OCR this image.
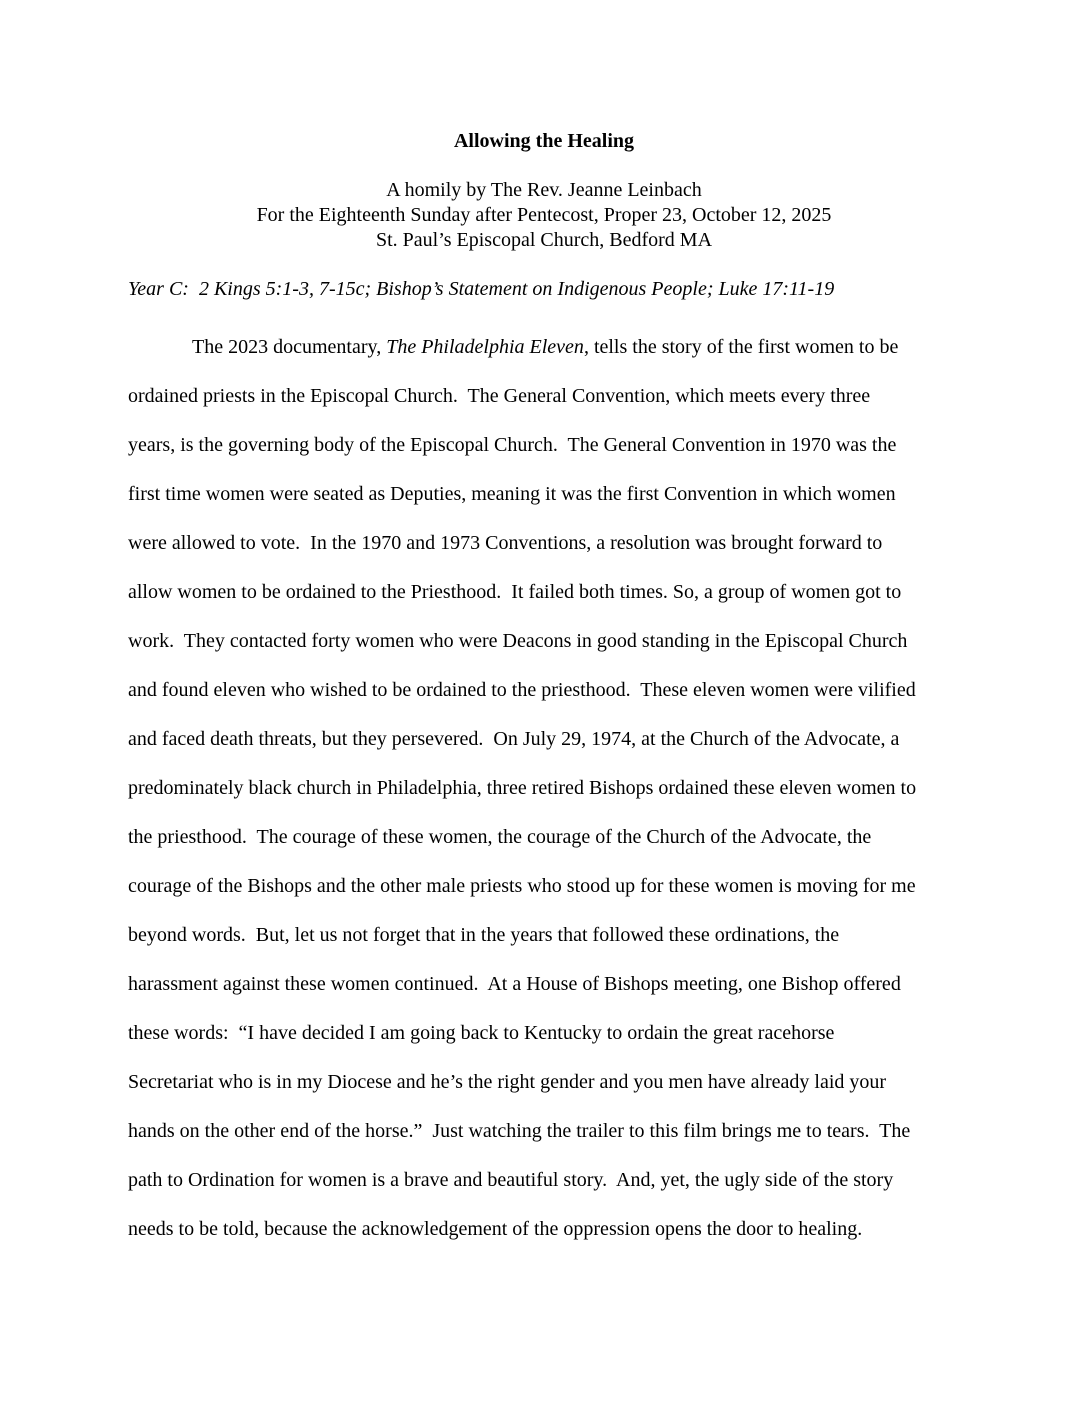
Allowing the Healing
A homily by The Rev. Jeanne Leinbach
For the Eighteenth Sunday after Pentecost, Proper 23, October 12, 2025
St. Paul’s Episcopal Church, Bedford MA
Year C:  2 Kings 5:1-3, 7-15c; Bishop’s Statement on Indigenous People; Luke 17:11-19
The 2023 documentary, The Philadelphia Eleven, tells the story of the first women to be
ordained priests in the Episcopal Church.  The General Convention, which meets every three
years, is the governing body of the Episcopal Church.  The General Convention in 1970 was the
first time women were seated as Deputies, meaning it was the first Convention in which women
were allowed to vote.  In the 1970 and 1973 Conventions, a resolution was brought forward to
allow women to be ordained to the Priesthood.  It failed both times. So, a group of women got to
work.  They contacted forty women who were Deacons in good standing in the Episcopal Church
and found eleven who wished to be ordained to the priesthood.  These eleven women were vilified
and faced death threats, but they persevered.  On July 29, 1974, at the Church of the Advocate, a
predominately black church in Philadelphia, three retired Bishops ordained these eleven women to
the priesthood.  The courage of these women, the courage of the Church of the Advocate, the
courage of the Bishops and the other male priests who stood up for these women is moving for me
beyond words.  But, let us not forget that in the years that followed these ordinations, the
harassment against these women continued.  At a House of Bishops meeting, one Bishop offered
these words:  “I have decided I am going back to Kentucky to ordain the great racehorse
Secretariat who is in my Diocese and he’s the right gender and you men have already laid your
hands on the other end of the horse.”  Just watching the trailer to this film brings me to tears.  The
path to Ordination for women is a brave and beautiful story.  And, yet, the ugly side of the story
needs to be told, because the acknowledgement of the oppression opens the door to healing.
